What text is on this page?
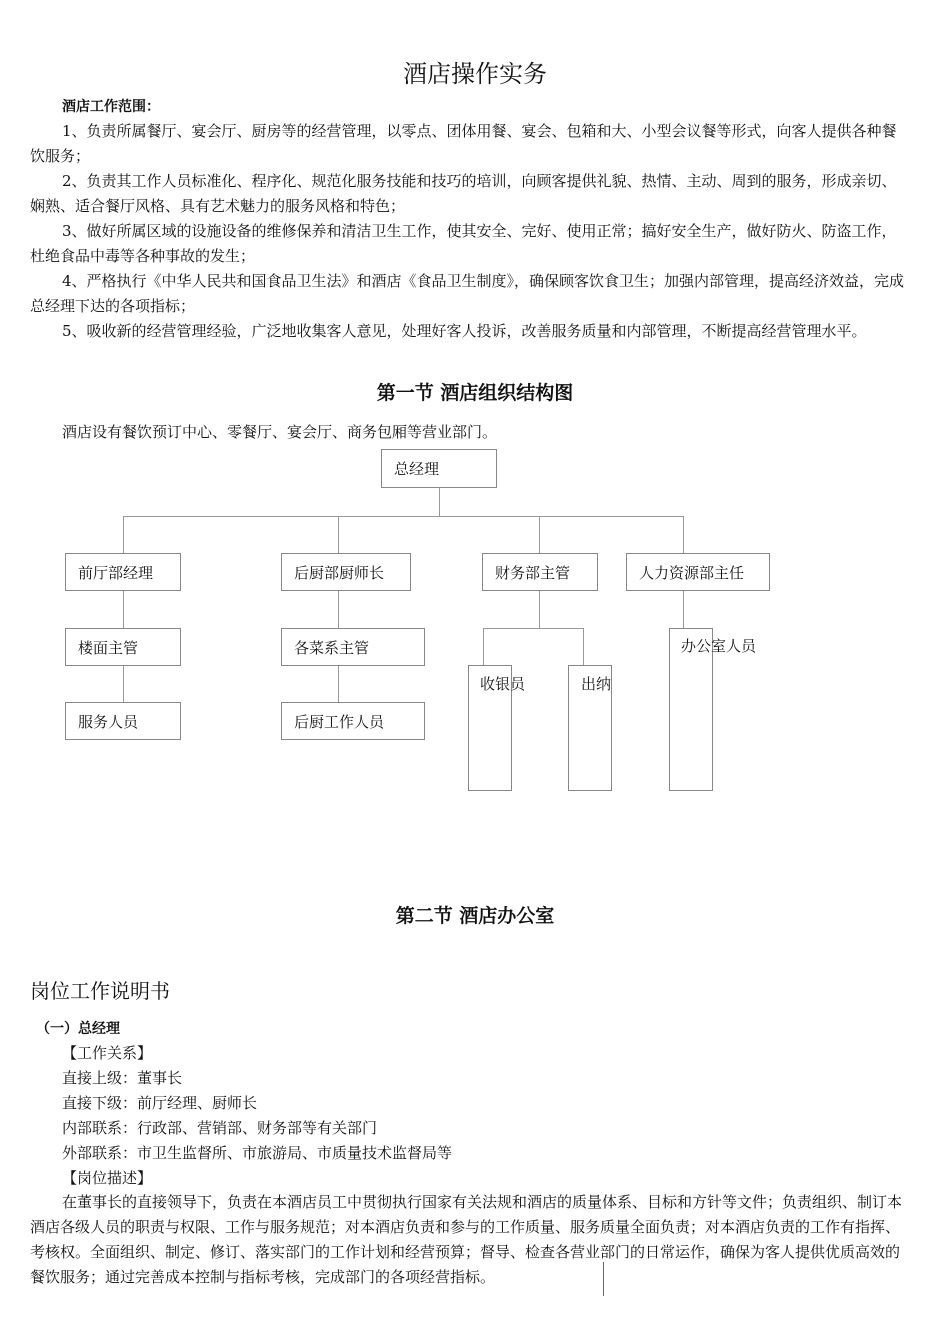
酒店操作实务
酒店工作范围：

1、负责所属餐厅、宴会厅、厨房等的经营管理，以零点、团体用餐、宴会、包箱和大、小型会议餐等形式，向客人提供各种餐饮服务；

2、负责其工作人员标准化、程序化、规范化服务技能和技巧的培训，向顾客提供礼貌、热情、主动、周到的服务，形成亲切、娴熟、适合餐厅风格、具有艺术魅力的服务风格和特色；

3、做好所属区域的设施设备的维修保养和清洁卫生工作，使其安全、完好、使用正常；搞好安全生产，做好防火、防盗工作，杜绝食品中毒等各种事故的发生；

4、严格执行《中华人民共和国食品卫生法》和酒店《食品卫生制度》，确保顾客饮食卫生；加强内部管理，提高经济效益，完成总经理下达的各项指标；

5、吸收新的经营管理经验，广泛地收集客人意见，处理好客人投诉，改善服务质量和内部管理，不断提高经营管理水平。

第一节 酒店组织结构图
酒店设有餐饮预订中心、零餐厅、宴会厅、商务包厢等营业部门。
总经理
前厅部经理	后厨部厨师长	财务部主管	人力资源部主任
楼面主管	各菜系主管
服务人员	后厨工作人员
收银员	出纳
办公室人员
第二节 酒店办公室
岗位工作说明书
（一）总经理
【工作关系】
直接上级：董事长
直接下级：前厅经理、厨师长
内部联系：行政部、营销部、财务部等有关部门
外部联系：市卫生监督所、市旅游局、市质量技术监督局等
【岗位描述】

在董事长的直接领导下，负责在本酒店员工中贯彻执行国家有关法规和酒店的质量体系、目标和方针等文件；负责组织、制订本酒店各级人员的职责与权限、工作与服务规范；对本酒店负责和参与的工作质量、服务质量全面负责；对本酒店负责的工作有指挥、考核权。全面组织、制定、修订、落实部门的工作计划和经营预算；督导、检查各营业部门的日常运作，确保为客人提供优质高效的餐饮服务；通过完善成本控制与指标考核，完成部门的各项经营指标。
